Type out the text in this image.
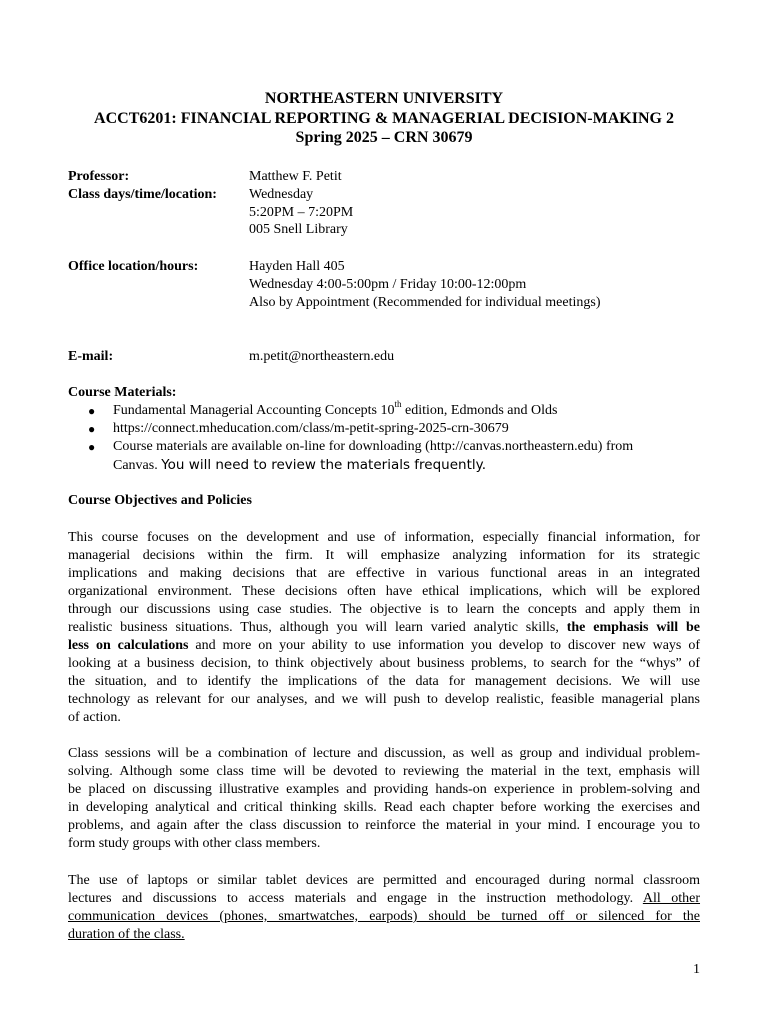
NORTHEASTERN UNIVERSITY
ACCT6201: FINANCIAL REPORTING & MANAGERIAL DECISION-MAKING 2
Spring 2025 – CRN 30679
Professor:	Matthew F. Petit
Class days/time/location: Wednesday
5:20PM – 7:20PM
005 Snell Library
Office location/hours:	Hayden Hall 405
Wednesday 4:00-5:00pm / Friday 10:00-12:00pm
Also by Appointment (Recommended for individual meetings)
E-mail:	m.petit@northeastern.edu
Course Materials:
● Fundamental Managerial Accounting Concepts 10th edition, Edmonds and Olds
● https://connect.mheducation.com/class/m-petit-spring-2025-crn-30679
● Course materials are available on-line for downloading (http://canvas.northeastern.edu) from
Canvas. You will need to review the materials frequently.
Course Objectives and Policies
This course focuses on the development and use of information, especially financial information, for
managerial decisions within the firm. It will emphasize analyzing information for its strategic
implications and making decisions that are effective in various functional areas in an integrated
organizational environment. These decisions often have ethical implications, which will be explored
through our discussions using case studies. The objective is to learn the concepts and apply them in
realistic business situations. Thus, although you will learn varied analytic skills, the emphasis will be
less on calculations and more on your ability to use information you develop to discover new ways of
looking at a business decision, to think objectively about business problems, to search for the “whys” of
the situation, and to identify the implications of the data for management decisions. We will use
technology as relevant for our analyses, and we will push to develop realistic, feasible managerial plans
of action.
Class sessions will be a combination of lecture and discussion, as well as group and individual problem-
solving. Although some class time will be devoted to reviewing the material in the text, emphasis will
be placed on discussing illustrative examples and providing hands-on experience in problem-solving and
in developing analytical and critical thinking skills. Read each chapter before working the exercises and
problems, and again after the class discussion to reinforce the material in your mind. I encourage you to
form study groups with other class members.
The use of laptops or similar tablet devices are permitted and encouraged during normal classroom
lectures and discussions to access materials and engage in the instruction methodology. All other
communication devices (phones, smartwatches, earpods) should be turned off or silenced for the
duration of the class.
1
